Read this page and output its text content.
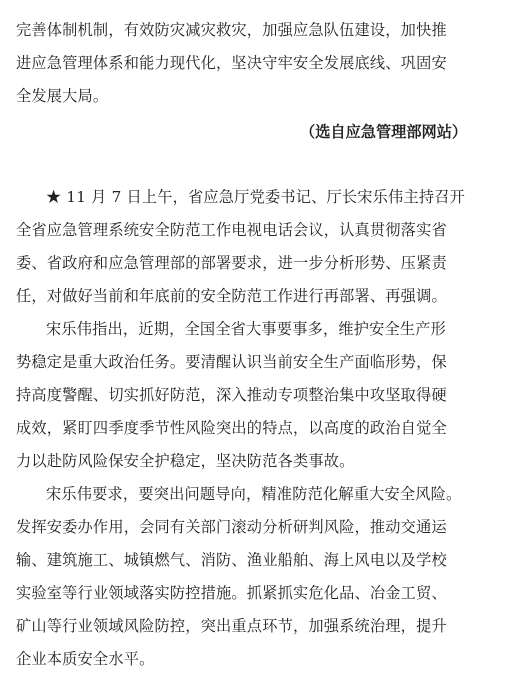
完善体制机制，有效防灾减灾救灾，加强应急队伍建设，加快推
进应急管理体系和能力现代化，坚决守牢安全发展底线、巩固安
全发展大局。
（选自应急管理部网站）
★ 11 月 7 日上午，省应急厅党委书记、厅长宋乐伟主持召开
全省应急管理系统安全防范工作电视电话会议，认真贯彻落实省
委、省政府和应急管理部的部署要求，进一步分析形势、压紧责
任，对做好当前和年底前的安全防范工作进行再部署、再强调。
宋乐伟指出，近期，全国全省大事要事多，维护安全生产形
势稳定是重大政治任务。要清醒认识当前安全生产面临形势，保
持高度警醒、切实抓好防范，深入推动专项整治集中攻坚取得硬
成效，紧盯四季度季节性风险突出的特点，以高度的政治自觉全
力以赴防风险保安全护稳定，坚决防范各类事故。
宋乐伟要求，要突出问题导向，精准防范化解重大安全风险。
发挥安委办作用，会同有关部门滚动分析研判风险，推动交通运
输、建筑施工、城镇燃气、消防、渔业船舶、海上风电以及学校
实验室等行业领域落实防控措施。抓紧抓实危化品、冶金工贸、
矿山等行业领域风险防控，突出重点环节，加强系统治理，提升
企业本质安全水平。
